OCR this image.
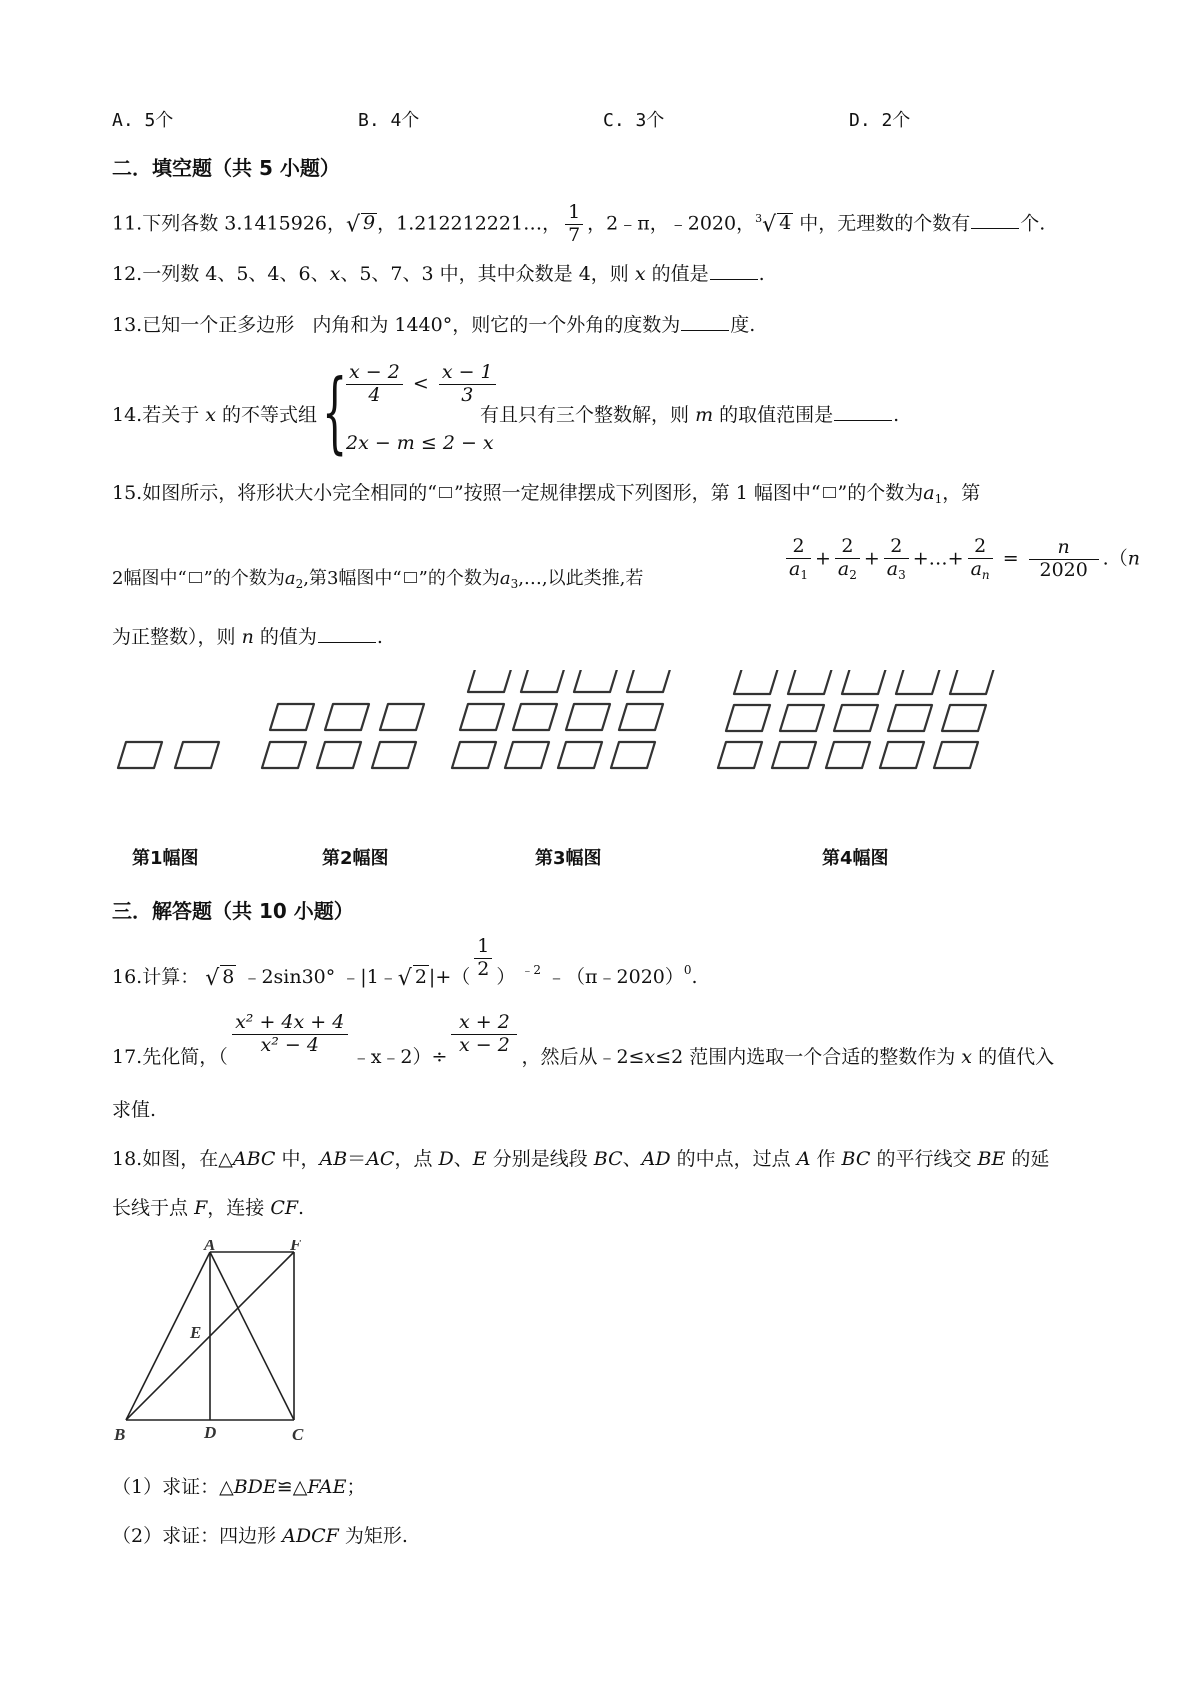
A. 5个	B. 4个	C. 3个	D. 2个
二．填空题（共 5 小题）
11.下列各数 3.1415926，√ 9 ，1.212212221…， $\frac{1}{7}$ ，2﹣π，﹣2020，$^3$√ 4 中，无理数的个数有	个.
12.一列数 4、5、4、6、x、5、7、3 中，其中众数是 4，则 x 的值是	.
13.已知一个正多边形   内角和为 1440°，则它的一个外角的度数为	度.
14.若关于 x 的不等式组 {
$\frac{x - 2}{4} < \frac{x - 1}{3}$
2x − m ≤ 2 − x
有且只有三个整数解，则 m 的取值范围是	.
15.如图所示，将形状大小完全相同的“ ”按照一定规律摆成下列图形，第 1 幅图中“ ”的个数为$a_1$，第
2幅图中“ ”的个数为$a_2$,第3幅图中“ ”的个数为$a_3,\dots$,以此类推,若	$\frac{2}{a_1} + \frac{2}{a_2} + \frac{2}{a_3}$ +…+ $\frac{2}{a_n} = \frac{n}{2020} .(n$
为正整数），则 n 的值为	.
第1幅图	第2幅图	第3幅图	第4幅图
三．解答题（共 10 小题）
16.计算： √ 8 ﹣2sin30° ﹣|1﹣√ 2 |+（ $\frac{1}{2}$ ） $^{﹣2}$ ﹣（π﹣2020）$^0$.
17.先化简，（
$\frac{\text{x² + 4x + 4}}{\text{x² − 4}}$
﹣x﹣2）÷
$\frac{x + 2}{x - 2}$
，然后从﹣2≤x≤2 范围内选取一个合适的整数作为 x 的值代入
求值.
18.如图，在△ABC 中，AB＝AC，点 D、E 分别是线段 BC、AD 的中点，过点 A 作 BC 的平行线交 BE 的延
长线于点 F，连接 CF.
A	F
E
B	D	C
（1）求证：△BDE≌△FAE；
（2）求证：四边形 ADCF 为矩形.
